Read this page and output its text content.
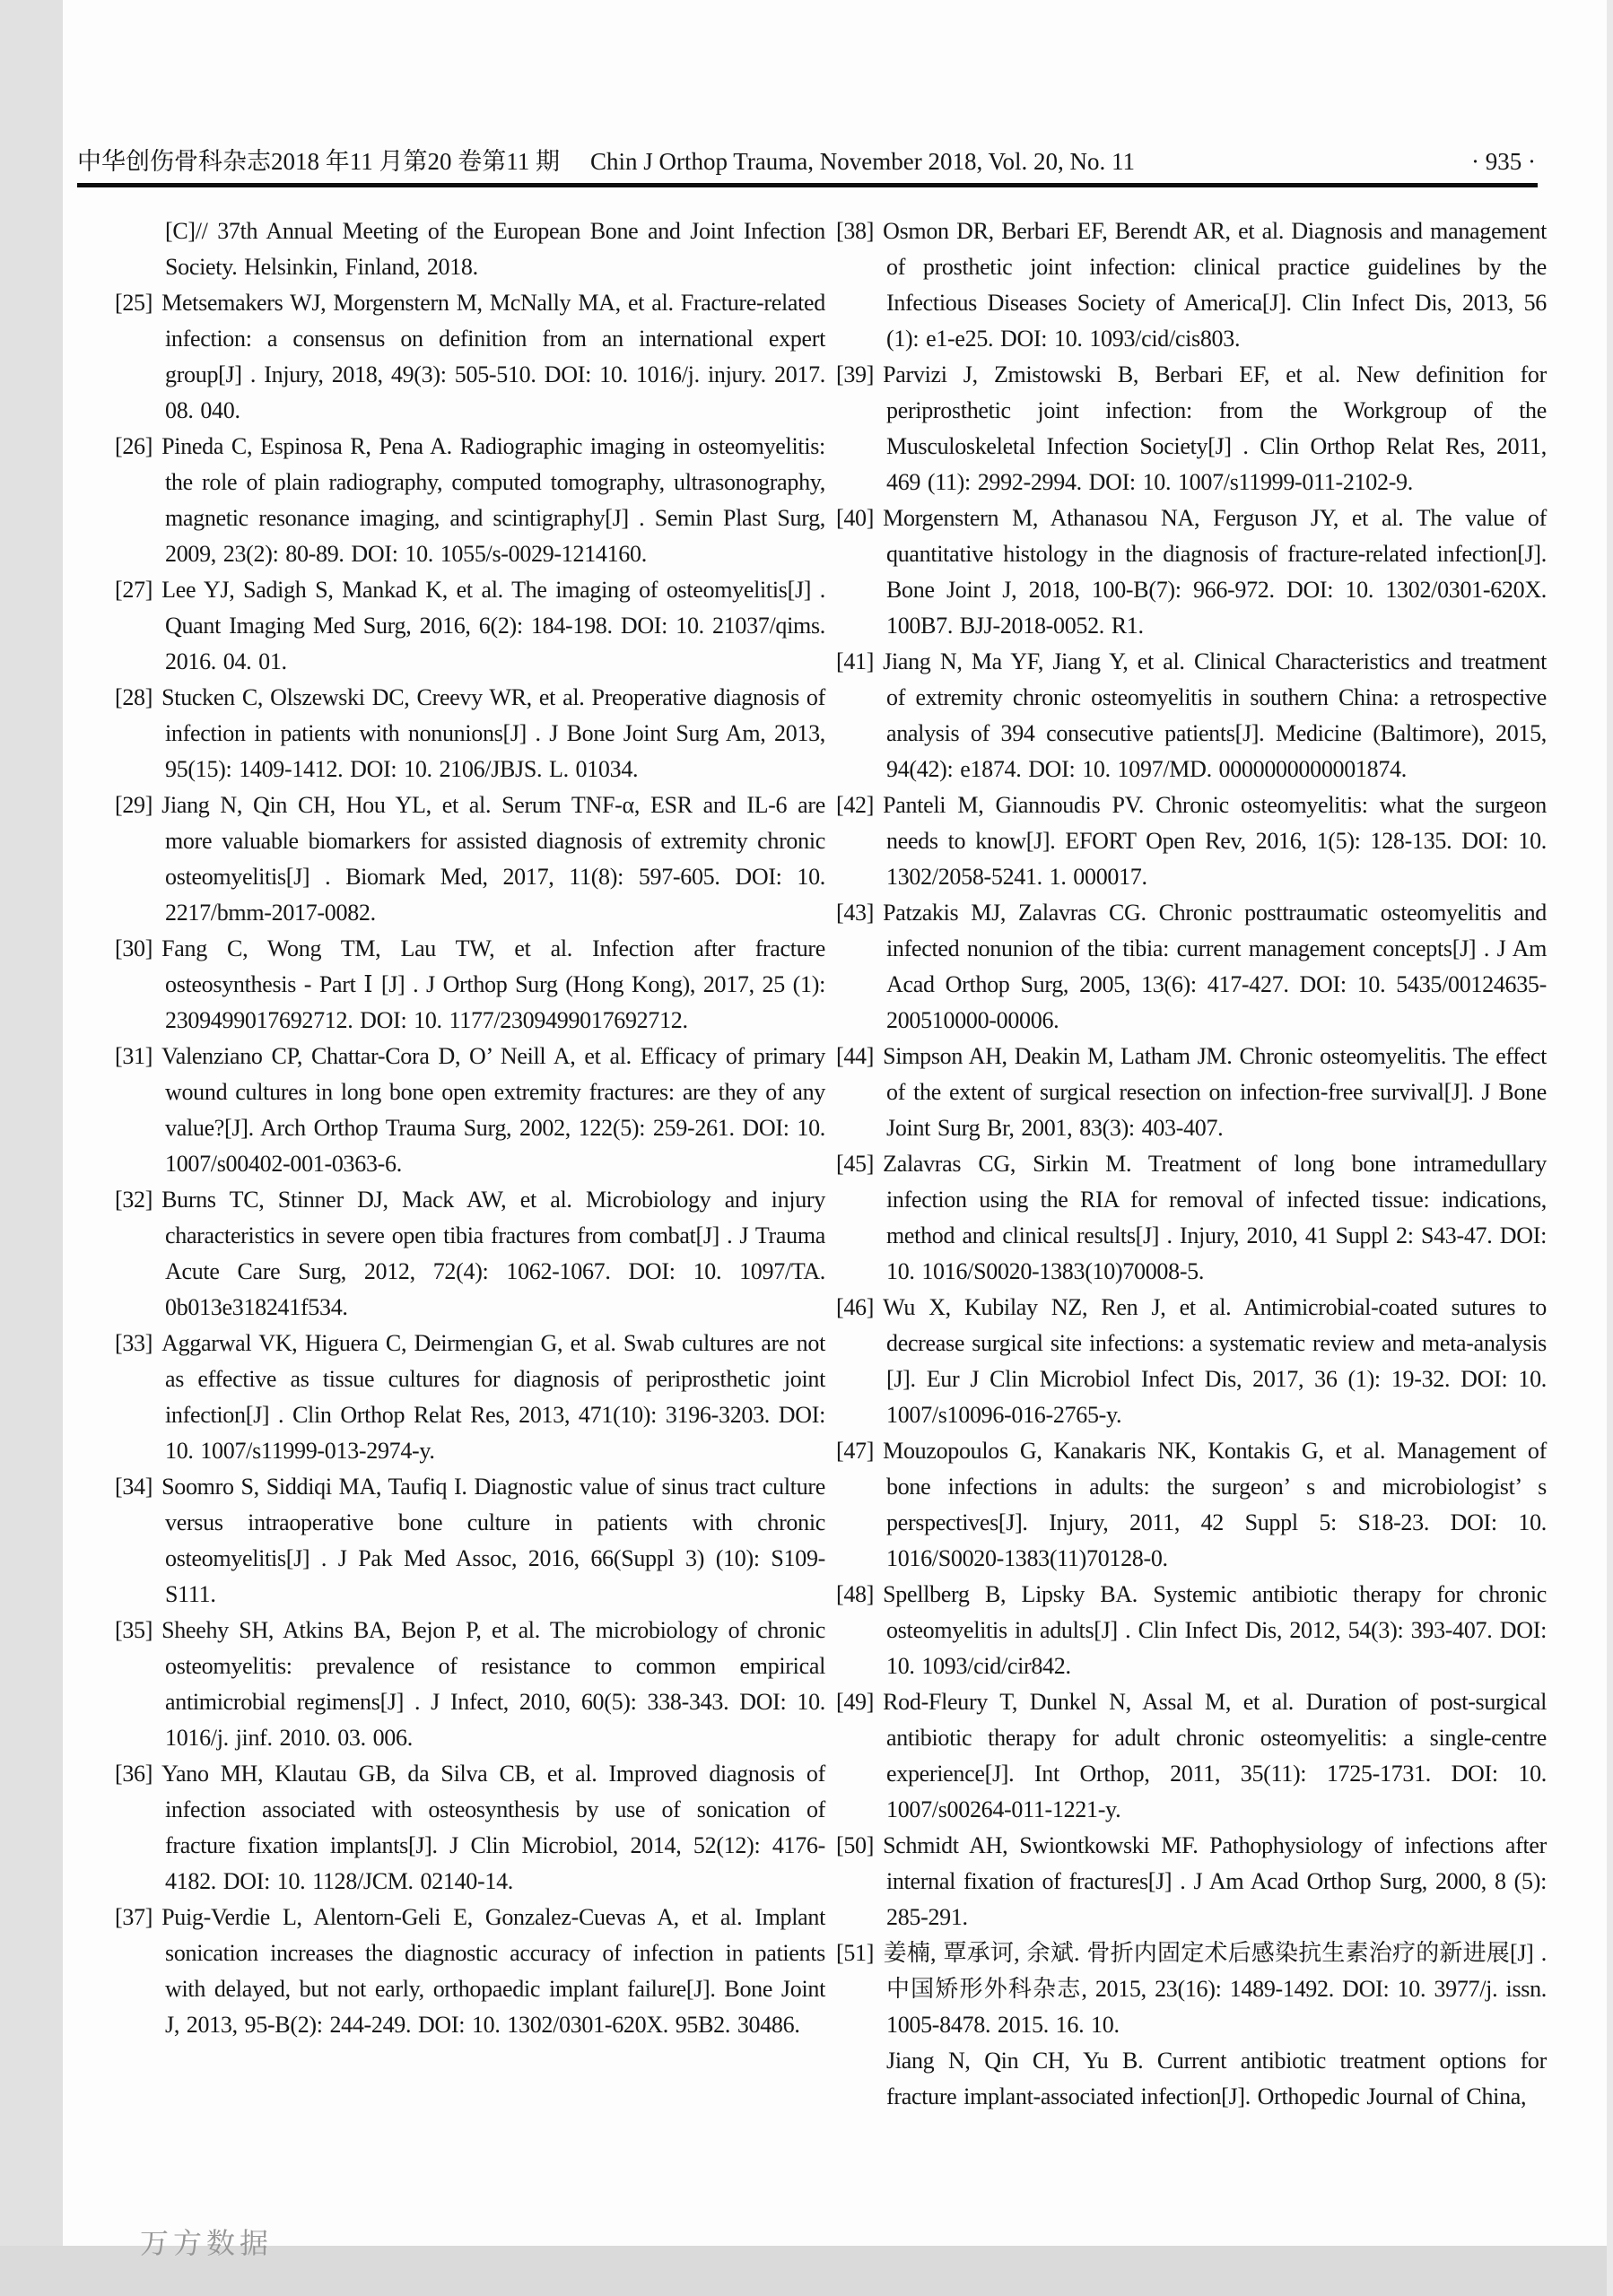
中华创伤骨科杂志2018 年11 月第20 卷第11 期 Chin J Orthop Trauma, November 2018, Vol. 20, No. 11	· 935 ·

[C]// 37th Annual Meeting of the European Bone and Joint Infection Society. Helsinkin, Finland, 2018.

[25] Metsemakers WJ, Morgenstern M, McNally MA, et al. Fracture-related infection: a consensus on definition from an international expert group[J] . Injury, 2018, 49(3): 505-510. DOI: 10. 1016/j. injury. 2017. 08. 040.

[26] Pineda C, Espinosa R, Pena A. Radiographic imaging in osteomyelitis: the role of plain radiography, computed tomography, ultrasonography, magnetic resonance imaging, and scintigraphy[J] . Semin Plast Surg, 2009, 23(2): 80-89. DOI: 10. 1055/s-0029-1214160.

[27] Lee YJ, Sadigh S, Mankad K, et al. The imaging of osteomyelitis[J] . Quant Imaging Med Surg, 2016, 6(2): 184-198. DOI: 10. 21037/qims. 2016. 04. 01.

[28] Stucken C, Olszewski DC, Creevy WR, et al. Preoperative diagnosis of infection in patients with nonunions[J] . J Bone Joint Surg Am, 2013, 95(15): 1409-1412. DOI: 10. 2106/JBJS. L. 01034.

[29] Jiang N, Qin CH, Hou YL, et al. Serum TNF-α, ESR and IL-6 are more valuable biomarkers for assisted diagnosis of extremity chronic osteomyelitis[J] . Biomark Med, 2017, 11(8): 597-605. DOI: 10. 2217/bmm-2017-0082.

[30] Fang C, Wong TM, Lau TW, et al. Infection after fracture osteosynthesis - Part Ⅰ [J] . J Orthop Surg (Hong Kong), 2017, 25 (1): 2309499017692712. DOI: 10. 1177/2309499017692712.

[31] Valenziano CP, Chattar-Cora D, O’ Neill A, et al. Efficacy of primary wound cultures in long bone open extremity fractures: are they of any value?[J]. Arch Orthop Trauma Surg, 2002, 122(5): 259-261. DOI: 10. 1007/s00402-001-0363-6.

[32] Burns TC, Stinner DJ, Mack AW, et al. Microbiology and injury characteristics in severe open tibia fractures from combat[J] . J Trauma Acute Care Surg, 2012, 72(4): 1062-1067. DOI: 10. 1097/TA. 0b013e318241f534.

[33] Aggarwal VK, Higuera C, Deirmengian G, et al. Swab cultures are not as effective as tissue cultures for diagnosis of periprosthetic joint infection[J] . Clin Orthop Relat Res, 2013, 471(10): 3196-3203. DOI: 10. 1007/s11999-013-2974-y.

[34] Soomro S, Siddiqi MA, Taufiq I. Diagnostic value of sinus tract culture versus intraoperative bone culture in patients with chronic osteomyelitis[J] . J Pak Med Assoc, 2016, 66(Suppl 3) (10): S109-S111.

[35] Sheehy SH, Atkins BA, Bejon P, et al. The microbiology of chronic osteomyelitis: prevalence of resistance to common empirical antimicrobial regimens[J] . J Infect, 2010, 60(5): 338-343. DOI: 10. 1016/j. jinf. 2010. 03. 006.

[36] Yano MH, Klautau GB, da Silva CB, et al. Improved diagnosis of infection associated with osteosynthesis by use of sonication of fracture fixation implants[J]. J Clin Microbiol, 2014, 52(12): 4176-4182. DOI: 10. 1128/JCM. 02140-14.

[37] Puig-Verdie L, Alentorn-Geli E, Gonzalez-Cuevas A, et al. Implant sonication increases the diagnostic accuracy of infection in patients with delayed, but not early, orthopaedic implant failure[J]. Bone Joint J, 2013, 95-B(2): 244-249. DOI: 10. 1302/0301-620X. 95B2. 30486.

[38] Osmon DR, Berbari EF, Berendt AR, et al. Diagnosis and management of prosthetic joint infection: clinical practice guidelines by the Infectious Diseases Society of America[J]. Clin Infect Dis, 2013, 56 (1): e1-e25. DOI: 10. 1093/cid/cis803.

[39] Parvizi J, Zmistowski B, Berbari EF, et al. New definition for periprosthetic joint infection: from the Workgroup of the Musculoskeletal Infection Society[J] . Clin Orthop Relat Res, 2011, 469 (11): 2992-2994. DOI: 10. 1007/s11999-011-2102-9.

[40] Morgenstern M, Athanasou NA, Ferguson JY, et al. The value of quantitative histology in the diagnosis of fracture-related infection[J]. Bone Joint J, 2018, 100-B(7): 966-972. DOI: 10. 1302/0301-620X. 100B7. BJJ-2018-0052. R1.

[41] Jiang N, Ma YF, Jiang Y, et al. Clinical Characteristics and treatment of extremity chronic osteomyelitis in southern China: a retrospective analysis of 394 consecutive patients[J]. Medicine (Baltimore), 2015, 94(42): e1874. DOI: 10. 1097/MD. 0000000000001874.

[42] Panteli M, Giannoudis PV. Chronic osteomyelitis: what the surgeon needs to know[J]. EFORT Open Rev, 2016, 1(5): 128-135. DOI: 10. 1302/2058-5241. 1. 000017.

[43] Patzakis MJ, Zalavras CG. Chronic posttraumatic osteomyelitis and infected nonunion of the tibia: current management concepts[J] . J Am Acad Orthop Surg, 2005, 13(6): 417-427. DOI: 10. 5435/00124635-200510000-00006.

[44] Simpson AH, Deakin M, Latham JM. Chronic osteomyelitis. The effect of the extent of surgical resection on infection-free survival[J]. J Bone Joint Surg Br, 2001, 83(3): 403-407.

[45] Zalavras CG, Sirkin M. Treatment of long bone intramedullary infection using the RIA for removal of infected tissue: indications, method and clinical results[J] . Injury, 2010, 41 Suppl 2: S43-47. DOI: 10. 1016/S0020-1383(10)70008-5.

[46] Wu X, Kubilay NZ, Ren J, et al. Antimicrobial-coated sutures to decrease surgical site infections: a systematic review and meta-analysis [J]. Eur J Clin Microbiol Infect Dis, 2017, 36 (1): 19-32. DOI: 10. 1007/s10096-016-2765-y.

[47] Mouzopoulos G, Kanakaris NK, Kontakis G, et al. Management of bone infections in adults: the surgeon’ s and microbiologist’ s perspectives[J]. Injury, 2011, 42 Suppl 5: S18-23. DOI: 10. 1016/S0020-1383(11)70128-0.

[48] Spellberg B, Lipsky BA. Systemic antibiotic therapy for chronic osteomyelitis in adults[J] . Clin Infect Dis, 2012, 54(3): 393-407. DOI: 10. 1093/cid/cir842.

[49] Rod-Fleury T, Dunkel N, Assal M, et al. Duration of post-surgical antibiotic therapy for adult chronic osteomyelitis: a single-centre experience[J]. Int Orthop, 2011, 35(11): 1725-1731. DOI: 10. 1007/s00264-011-1221-y.

[50] Schmidt AH, Swiontkowski MF. Pathophysiology of infections after internal fixation of fractures[J] . J Am Acad Orthop Surg, 2000, 8 (5): 285-291.

[51] 姜楠, 覃承诃, 余斌. 骨折内固定术后感染抗生素治疗的新进展[J] . 中国矫形外科杂志, 2015, 23(16): 1489-1492. DOI: 10. 3977/j. issn. 1005-8478. 2015. 16. 10.

Jiang N, Qin CH, Yu B. Current antibiotic treatment options for fracture implant-associated infection[J]. Orthopedic Journal of China,

万方数据
